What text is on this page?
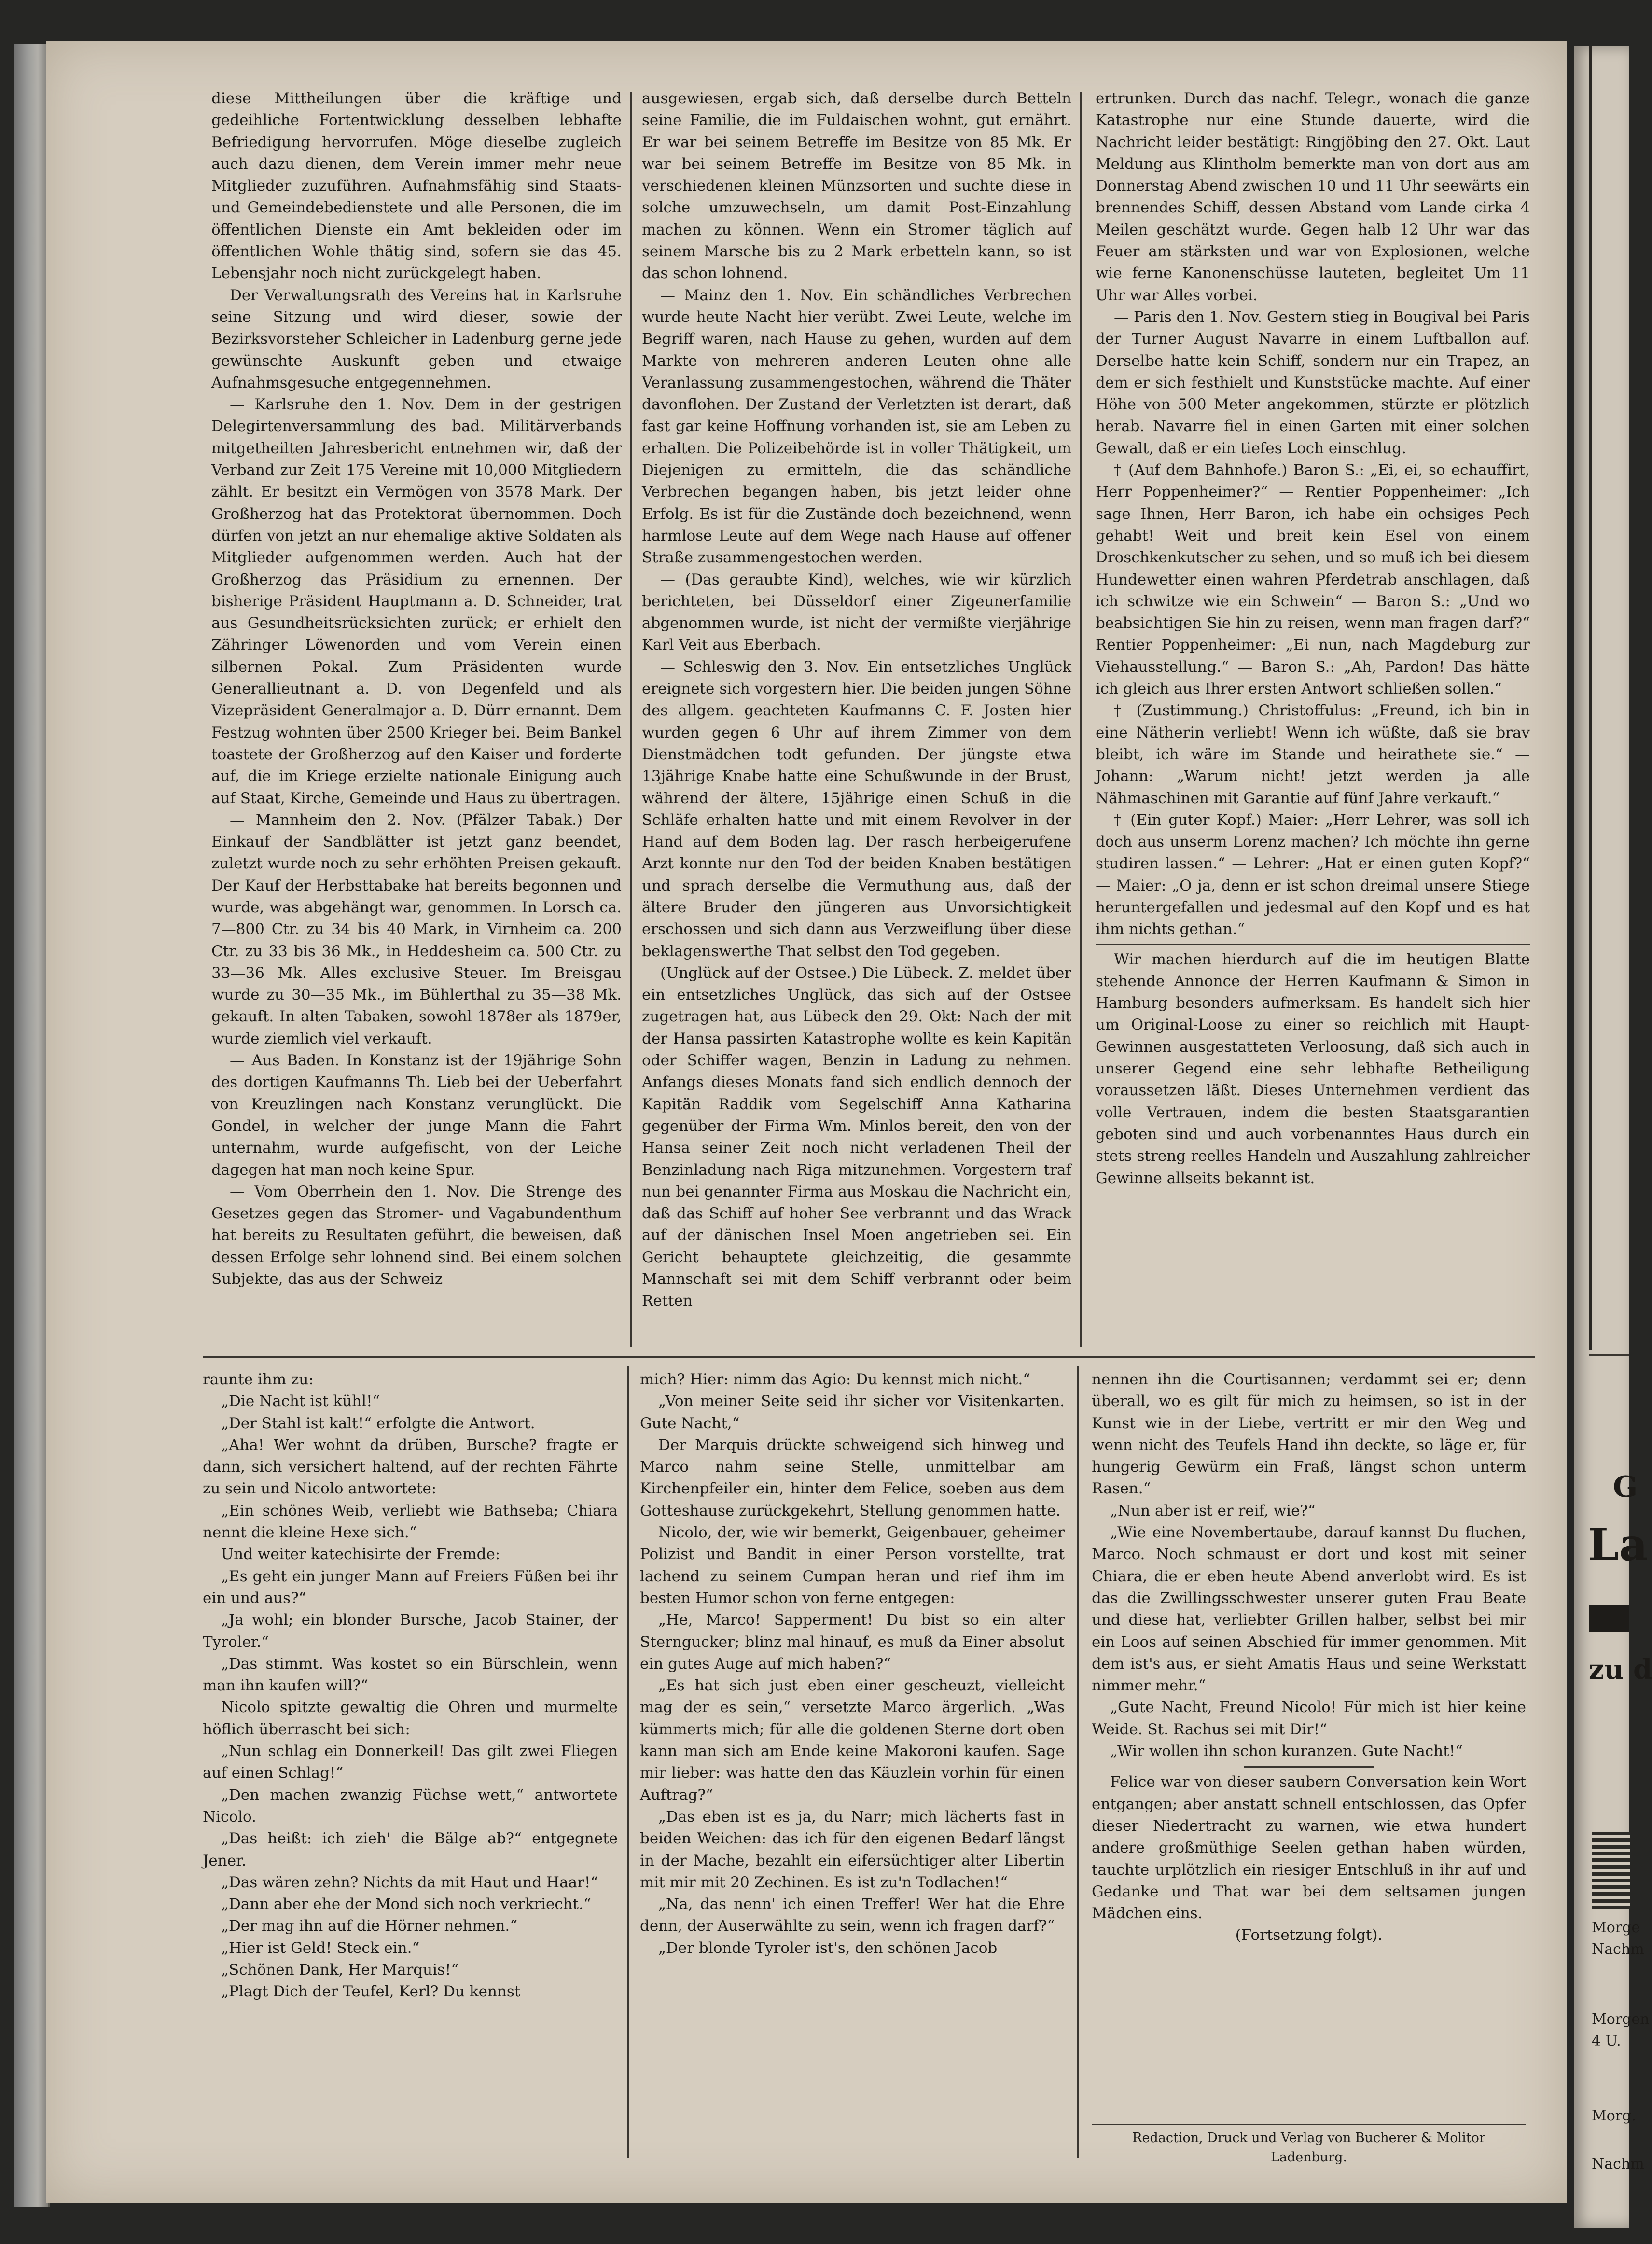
diese Mittheilungen über die kräftige und gedeihliche Fortentwicklung desselben lebhafte Befriedigung hervorrufen. Möge dieselbe zugleich auch dazu dienen, dem Verein immer mehr neue Mitglieder zuzuführen. Aufnahmsfähig sind Staats- und Gemeindebedienstete und alle Personen, die im öffentlichen Dienste ein Amt bekleiden oder im öffentlichen Wohle thätig sind, sofern sie das 45. Lebensjahr noch nicht zurückgelegt haben.

Der Verwaltungsrath des Vereins hat in Karlsruhe seine Sitzung und wird dieser, sowie der Bezirksvorsteher Schleicher in Ladenburg gerne jede gewünschte Auskunft geben und etwaige Aufnahmsgesuche entgegennehmen.

— Karlsruhe den 1. Nov. Dem in der gestrigen Delegirtenversammlung des bad. Militärverbands mitgetheilten Jahresbericht entnehmen wir, daß der Verband zur Zeit 175 Vereine mit 10,000 Mitgliedern zählt. Er besitzt ein Vermögen von 3578 Mark. Der Großherzog hat das Protektorat übernommen. Doch dürfen von jetzt an nur ehemalige aktive Soldaten als Mitglieder aufgenommen werden. Auch hat der Großherzog das Präsidium zu ernennen. Der bisherige Präsident Hauptmann a. D. Schneider, trat aus Gesundheitsrücksichten zurück; er erhielt den Zähringer Löwenorden und vom Verein einen silbernen Pokal. Zum Präsidenten wurde Generallieutnant a. D. von Degenfeld und als Vizepräsident Generalmajor a. D. Dürr ernannt. Dem Festzug wohnten über 2500 Krieger bei. Beim Bankel toastete der Großherzog auf den Kaiser und forderte auf, die im Kriege erzielte nationale Einigung auch auf Staat, Kirche, Gemeinde und Haus zu übertragen.

— Mannheim den 2. Nov. (Pfälzer Tabak.) Der Einkauf der Sandblätter ist jetzt ganz beendet, zuletzt wurde noch zu sehr erhöhten Preisen gekauft. Der Kauf der Herbsttabake hat bereits begonnen und wurde, was abgehängt war, genommen. In Lorsch ca. 7—800 Ctr. zu 34 bis 40 Mark, in Virnheim ca. 200 Ctr. zu 33 bis 36 Mk., in Heddesheim ca. 500 Ctr. zu 33—36 Mk. Alles exclusive Steuer. Im Breisgau wurde zu 30—35 Mk., im Bühlerthal zu 35—38 Mk. gekauft. In alten Tabaken, sowohl 1878er als 1879er, wurde ziemlich viel verkauft.

— Aus Baden. In Konstanz ist der 19jährige Sohn des dortigen Kaufmanns Th. Lieb bei der Ueberfahrt von Kreuzlingen nach Konstanz verunglückt. Die Gondel, in welcher der junge Mann die Fahrt unternahm, wurde aufgefischt, von der Leiche dagegen hat man noch keine Spur.

— Vom Oberrhein den 1. Nov. Die Strenge des Gesetzes gegen das Stromer- und Vagabundenthum hat bereits zu Resultaten geführt, die beweisen, daß dessen Erfolge sehr lohnend sind. Bei einem solchen Subjekte, das aus der Schweiz

ausgewiesen, ergab sich, daß derselbe durch Betteln seine Familie, die im Fuldaischen wohnt, gut ernährt. Er war bei seinem Betreffe im Besitze von 85 Mk. Er war bei seinem Betreffe im Besitze von 85 Mk. in verschiedenen kleinen Münzsorten und suchte diese in solche umzuwechseln, um damit Post-Einzahlung machen zu können. Wenn ein Stromer täglich auf seinem Marsche bis zu 2 Mark erbetteln kann, so ist das schon lohnend.

— Mainz den 1. Nov. Ein schändliches Verbrechen wurde heute Nacht hier verübt. Zwei Leute, welche im Begriff waren, nach Hause zu gehen, wurden auf dem Markte von mehreren anderen Leuten ohne alle Veranlassung zusammengestochen, während die Thäter davonflohen. Der Zustand der Verletzten ist derart, daß fast gar keine Hoffnung vorhanden ist, sie am Leben zu erhalten. Die Polizeibehörde ist in voller Thätigkeit, um Diejenigen zu ermitteln, die das schändliche Verbrechen begangen haben, bis jetzt leider ohne Erfolg. Es ist für die Zustände doch bezeichnend, wenn harmlose Leute auf dem Wege nach Hause auf offener Straße zusammengestochen werden.

— (Das geraubte Kind), welches, wie wir kürzlich berichteten, bei Düsseldorf einer Zigeunerfamilie abgenommen wurde, ist nicht der vermißte vierjährige Karl Veit aus Eberbach.

— Schleswig den 3. Nov. Ein entsetzliches Unglück ereignete sich vorgestern hier. Die beiden jungen Söhne des allgem. geachteten Kaufmanns C. F. Josten hier wurden gegen 6 Uhr auf ihrem Zimmer von dem Dienstmädchen todt gefunden. Der jüngste etwa 13jährige Knabe hatte eine Schußwunde in der Brust, während der ältere, 15jährige einen Schuß in die Schläfe erhalten hatte und mit einem Revolver in der Hand auf dem Boden lag. Der rasch herbeigerufene Arzt konnte nur den Tod der beiden Knaben bestätigen und sprach derselbe die Vermuthung aus, daß der ältere Bruder den jüngeren aus Unvorsichtigkeit erschossen und sich dann aus Verzweiflung über diese beklagenswerthe That selbst den Tod gegeben.

(Unglück auf der Ostsee.) Die Lübeck. Z. meldet über ein entsetzliches Unglück, das sich auf der Ostsee zugetragen hat, aus Lübeck den 29. Okt: Nach der mit der Hansa passirten Katastrophe wollte es kein Kapitän oder Schiffer wagen, Benzin in Ladung zu nehmen. Anfangs dieses Monats fand sich endlich dennoch der Kapitän Raddik vom Segelschiff Anna Katharina gegenüber der Firma Wm. Minlos bereit, den von der Hansa seiner Zeit noch nicht verladenen Theil der Benzinladung nach Riga mitzunehmen. Vorgestern traf nun bei genannter Firma aus Moskau die Nachricht ein, daß das Schiff auf hoher See verbrannt und das Wrack auf der dänischen Insel Moen angetrieben sei. Ein Gericht behauptete gleichzeitig, die gesammte Mannschaft sei mit dem Schiff verbrannt oder beim Retten

ertrunken. Durch das nachf. Telegr., wonach die ganze Katastrophe nur eine Stunde dauerte, wird die Nachricht leider bestätigt: Ringjöbing den 27. Okt. Laut Meldung aus Klintholm bemerkte man von dort aus am Donnerstag Abend zwischen 10 und 11 Uhr seewärts ein brennendes Schiff, dessen Abstand vom Lande cirka 4 Meilen geschätzt wurde. Gegen halb 12 Uhr war das Feuer am stärksten und war von Explosionen, welche wie ferne Kanonenschüsse lauteten, begleitet Um 11 Uhr war Alles vorbei.

— Paris den 1. Nov. Gestern stieg in Bougival bei Paris der Turner August Navarre in einem Luftballon auf. Derselbe hatte kein Schiff, sondern nur ein Trapez, an dem er sich festhielt und Kunststücke machte. Auf einer Höhe von 500 Meter angekommen, stürzte er plötzlich herab. Navarre fiel in einen Garten mit einer solchen Gewalt, daß er ein tiefes Loch einschlug.

† (Auf dem Bahnhofe.) Baron S.: „Ei, ei, so echauffirt, Herr Poppenheimer?“ — Rentier Poppenheimer: „Ich sage Ihnen, Herr Baron, ich habe ein ochsiges Pech gehabt! Weit und breit kein Esel von einem Droschkenkutscher zu sehen, und so muß ich bei diesem Hundewetter einen wahren Pferdetrab anschlagen, daß ich schwitze wie ein Schwein“ — Baron S.: „Und wo beabsichtigen Sie hin zu reisen, wenn man fragen darf?“ Rentier Poppenheimer: „Ei nun, nach Magdeburg zur Viehausstellung.“ — Baron S.: „Ah, Pardon! Das hätte ich gleich aus Ihrer ersten Antwort schließen sollen.“

† (Zustimmung.) Christoffulus: „Freund, ich bin in eine Nätherin verliebt! Wenn ich wüßte, daß sie brav bleibt, ich wäre im Stande und heirathete sie.“ — Johann: „Warum nicht! jetzt werden ja alle Nähmaschinen mit Garantie auf fünf Jahre verkauft.“

† (Ein guter Kopf.) Maier: „Herr Lehrer, was soll ich doch aus unserm Lorenz machen? Ich möchte ihn gerne studiren lassen.“ — Lehrer: „Hat er einen guten Kopf?“ — Maier: „O ja, denn er ist schon dreimal unsere Stiege heruntergefallen und jedesmal auf den Kopf und es hat ihm nichts gethan.“

Wir machen hierdurch auf die im heutigen Blatte stehende Annonce der Herren Kaufmann & Simon in Hamburg besonders aufmerksam. Es handelt sich hier um Original-Loose zu einer so reichlich mit Haupt-Gewinnen ausgestatteten Verloosung, daß sich auch in unserer Gegend eine sehr lebhafte Betheiligung voraussetzen läßt. Dieses Unternehmen verdient das volle Vertrauen, indem die besten Staatsgarantien geboten sind und auch vorbenanntes Haus durch ein stets streng reelles Handeln und Auszahlung zahlreicher Gewinne allseits bekannt ist.

raunte ihm zu:

„Die Nacht ist kühl!“

„Der Stahl ist kalt!“ erfolgte die Antwort.

„Aha! Wer wohnt da drüben, Bursche? fragte er dann, sich versichert haltend, auf der rechten Fährte zu sein und Nicolo antwortete:

„Ein schönes Weib, verliebt wie Bathseba; Chiara nennt die kleine Hexe sich.“

Und weiter katechisirte der Fremde:

„Es geht ein junger Mann auf Freiers Füßen bei ihr ein und aus?“

„Ja wohl; ein blonder Bursche, Jacob Stainer, der Tyroler.“

„Das stimmt. Was kostet so ein Bürschlein, wenn man ihn kaufen will?“

Nicolo spitzte gewaltig die Ohren und murmelte höflich überrascht bei sich:

„Nun schlag ein Donnerkeil! Das gilt zwei Fliegen auf einen Schlag!“

„Den machen zwanzig Füchse wett,“ antwortete Nicolo.

„Das heißt: ich zieh' die Bälge ab?“ entgegnete Jener.

„Das wären zehn? Nichts da mit Haut und Haar!“

„Dann aber ehe der Mond sich noch verkriecht.“

„Der mag ihn auf die Hörner nehmen.“

„Hier ist Geld! Steck ein.“

„Schönen Dank, Her Marquis!“

„Plagt Dich der Teufel, Kerl? Du kennst

mich? Hier: nimm das Agio: Du kennst mich nicht.“

„Von meiner Seite seid ihr sicher vor Visitenkarten. Gute Nacht,“

Der Marquis drückte schweigend sich hinweg und Marco nahm seine Stelle, unmittelbar am Kirchenpfeiler ein, hinter dem Felice, soeben aus dem Gotteshause zurückgekehrt, Stellung genommen hatte.

Nicolo, der, wie wir bemerkt, Geigenbauer, geheimer Polizist und Bandit in einer Person vorstellte, trat lachend zu seinem Cumpan heran und rief ihm im besten Humor schon von ferne entgegen:

„He, Marco! Sapperment! Du bist so ein alter Sterngucker; blinz mal hinauf, es muß da Einer absolut ein gutes Auge auf mich haben?“

„Es hat sich just eben einer gescheuzt, vielleicht mag der es sein,“ versetzte Marco ärgerlich. „Was kümmerts mich; für alle die goldenen Sterne dort oben kann man sich am Ende keine Makoroni kaufen. Sage mir lieber: was hatte den das Käuzlein vorhin für einen Auftrag?“

„Das eben ist es ja, du Narr; mich lächerts fast in beiden Weichen: das ich für den eigenen Bedarf längst in der Mache, bezahlt ein eifersüchtiger alter Libertin mit mir mit 20 Zechinen. Es ist zu'n Todlachen!“

„Na, das nenn' ich einen Treffer! Wer hat die Ehre denn, der Auserwählte zu sein, wenn ich fragen darf?“

„Der blonde Tyroler ist's, den schönen Jacob

nennen ihn die Courtisannen; verdammt sei er; denn überall, wo es gilt für mich zu heimsen, so ist in der Kunst wie in der Liebe, vertritt er mir den Weg und wenn nicht des Teufels Hand ihn deckte, so läge er, für hungerig Gewürm ein Fraß, längst schon unterm Rasen.“

„Nun aber ist er reif, wie?“

„Wie eine Novembertaube, darauf kannst Du fluchen, Marco. Noch schmaust er dort und kost mit seiner Chiara, die er eben heute Abend anverlobt wird. Es ist das die Zwillingsschwester unserer guten Frau Beate und diese hat, verliebter Grillen halber, selbst bei mir ein Loos auf seinen Abschied für immer genommen. Mit dem ist's aus, er sieht Amatis Haus und seine Werkstatt nimmer mehr.“

„Gute Nacht, Freund Nicolo! Für mich ist hier keine Weide. St. Rachus sei mit Dir!“

„Wir wollen ihn schon kuranzen. Gute Nacht!“

Felice war von dieser saubern Conversation kein Wort entgangen; aber anstatt schnell entschlossen, das Opfer dieser Niedertracht zu warnen, wie etwa hundert andere großmüthige Seelen gethan haben würden, tauchte urplötzlich ein riesiger Entschluß in ihr auf und Gedanke und That war bei dem seltsamen jungen Mädchen eins.

(Fortsetzung folgt).

Redaction, Druck und Verlag von Bucherer & Molitor

Ladenburg.

G
La
zu d
Morge
Nachm
Morgen
4 U.
Morg.
Nachm
